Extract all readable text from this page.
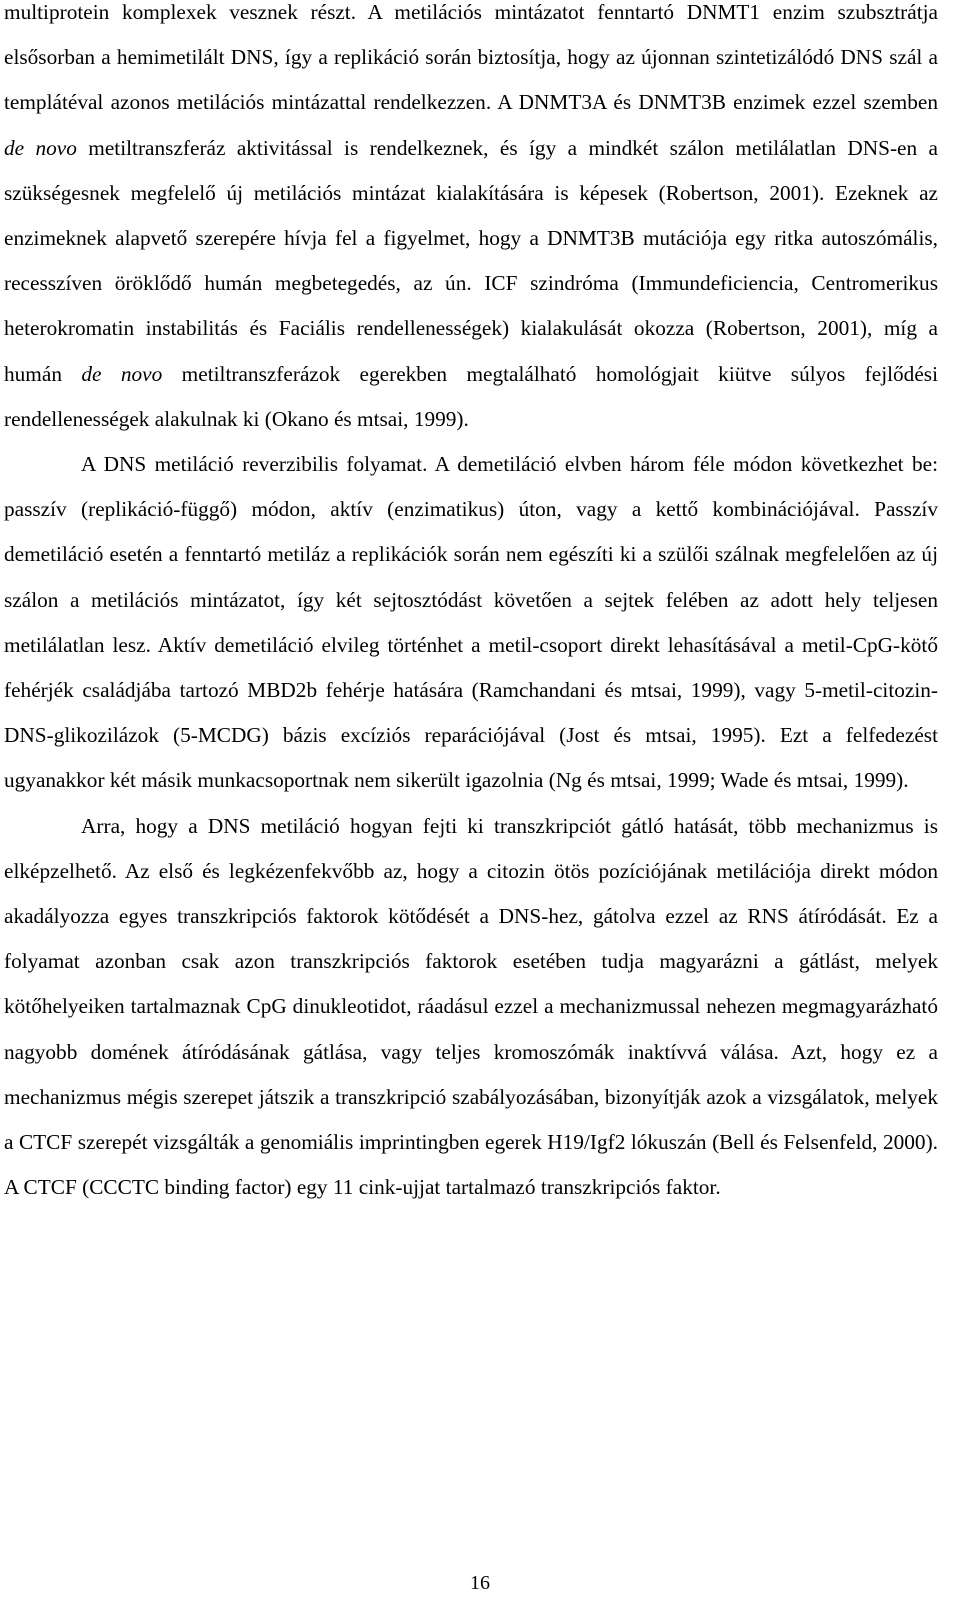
multiprotein komplexek vesznek részt. A metilációs mintázatot fenntartó DNMT1 enzim szubsztrátja elsősorban a hemimetilált DNS, így a replikáció során biztosítja, hogy az újonnan szintetizálódó DNS szál a templátéval azonos metilációs mintázattal rendelkezzen. A DNMT3A és DNMT3B enzimek ezzel szemben de novo metiltranszferáz aktivitással is rendelkeznek, és így a mindkét szálon metilálatlan DNS-en a szükségesnek megfelelő új metilációs mintázat kialakítására is képesek (Robertson, 2001). Ezeknek az enzimeknek alapvető szerepére hívja fel a figyelmet, hogy a DNMT3B mutációja egy ritka autoszómális, recesszíven öröklődő humán megbetegedés, az ún. ICF szindróma (Immundeficiencia, Centromerikus heterokromatin instabilitás és Faciális rendellenességek) kialakulását okozza (Robertson, 2001), míg a humán de novo metiltranszferázok egerekben megtalálható homológjait kiütve súlyos fejlődési rendellenességek alakulnak ki (Okano és mtsai, 1999).

A DNS metiláció reverzibilis folyamat. A demetiláció elvben három féle módon következhet be: passzív (replikáció-függő) módon, aktív (enzimatikus) úton, vagy a kettő kombinációjával. Passzív demetiláció esetén a fenntartó metiláz a replikációk során nem egészíti ki a szülői szálnak megfelelően az új szálon a metilációs mintázatot, így két sejtosztódást követően a sejtek felében az adott hely teljesen metilálatlan lesz. Aktív demetiláció elvileg történhet a metil-csoport direkt lehasításával a metil-CpG-kötő fehérjék családjába tartozó MBD2b fehérje hatására (Ramchandani és mtsai, 1999), vagy 5-metil-citozin-DNS-glikozilázok (5-MCDG) bázis excíziós reparációjával (Jost és mtsai, 1995). Ezt a felfedezést ugyanakkor két másik munkacsoportnak nem sikerült igazolnia (Ng és mtsai, 1999; Wade és mtsai, 1999).

Arra, hogy a DNS metiláció hogyan fejti ki transzkripciót gátló hatását, több mechanizmus is elképzelhető. Az első és legkézenfekvőbb az, hogy a citozin ötös pozíciójának metilációja direkt módon akadályozza egyes transzkripciós faktorok kötődését a DNS-hez, gátolva ezzel az RNS átíródását. Ez a folyamat azonban csak azon transzkripciós faktorok esetében tudja magyarázni a gátlást, melyek kötőhelyeiken tartalmaznak CpG dinukleotidot, ráadásul ezzel a mechanizmussal nehezen megmagyarázható nagyobb domének átíródásának gátlása, vagy teljes kromoszómák inaktívvá válása. Azt, hogy ez a mechanizmus mégis szerepet játszik a transzkripció szabályozásában, bizonyítják azok a vizsgálatok, melyek a CTCF szerepét vizsgálták a genomiális imprintingben egerek H19/Igf2 lókuszán (Bell és Felsenfeld, 2000). A CTCF (CCCTC binding factor) egy 11 cink-ujjat tartalmazó transzkripciós faktor.

16
